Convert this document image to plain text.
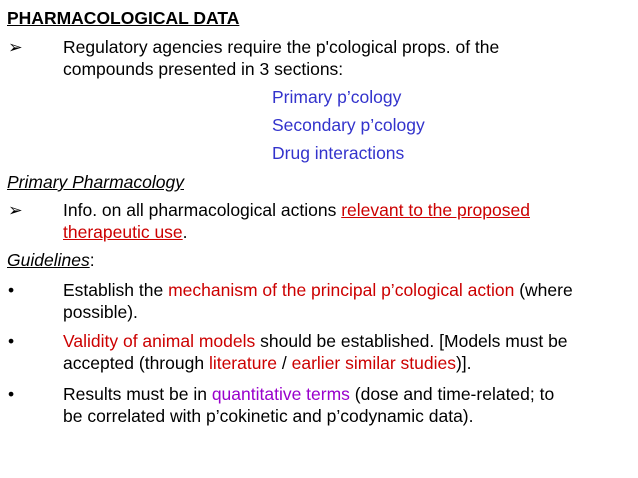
PHARMACOLOGICAL DATA
➢ Regulatory agencies require the p'cological props. of the
compounds presented in 3 sections:
Primary p’cology
Secondary p’cology
Drug interactions
Primary Pharmacology
➢ Info. on all pharmacological actions relevant to the proposed
therapeutic use.
Guidelines:
•	Establish the mechanism of the principal p’cological action (where
possible).
•	Validity of animal models should be established. [Models must be
accepted (through literature / earlier similar studies)].
•	Results must be in quantitative terms (dose and time-related; to
be correlated with p’cokinetic and p’codynamic data).
